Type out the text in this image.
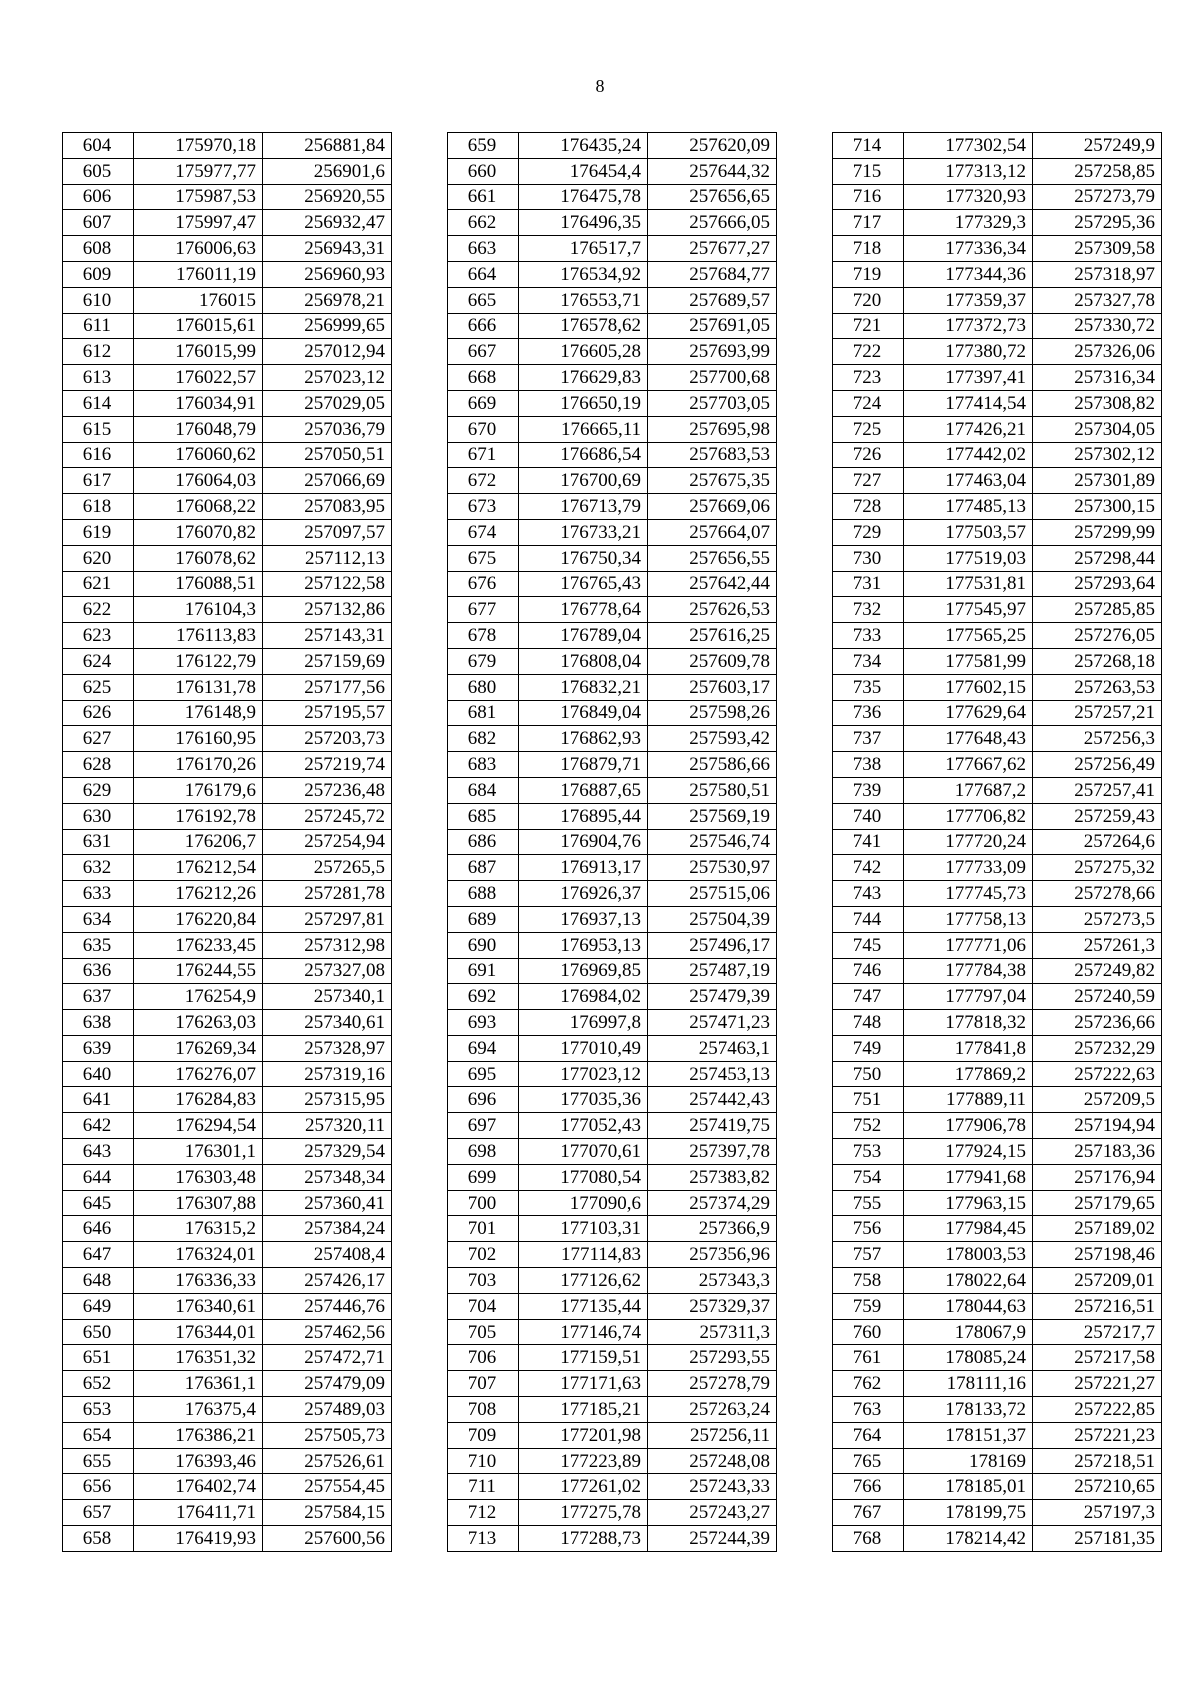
8
604	175970,18	256881,84
605	175977,77	256901,6
606	175987,53	256920,55
607	175997,47	256932,47
608	176006,63	256943,31
609	176011,19	256960,93
610	176015	256978,21
611	176015,61	256999,65
612	176015,99	257012,94
613	176022,57	257023,12
614	176034,91	257029,05
615	176048,79	257036,79
616	176060,62	257050,51
617	176064,03	257066,69
618	176068,22	257083,95
619	176070,82	257097,57
620	176078,62	257112,13
621	176088,51	257122,58
622	176104,3	257132,86
623	176113,83	257143,31
624	176122,79	257159,69
625	176131,78	257177,56
626	176148,9	257195,57
627	176160,95	257203,73
628	176170,26	257219,74
629	176179,6	257236,48
630	176192,78	257245,72
631	176206,7	257254,94
632	176212,54	257265,5
633	176212,26	257281,78
634	176220,84	257297,81
635	176233,45	257312,98
636	176244,55	257327,08
637	176254,9	257340,1
638	176263,03	257340,61
639	176269,34	257328,97
640	176276,07	257319,16
641	176284,83	257315,95
642	176294,54	257320,11
643	176301,1	257329,54
644	176303,48	257348,34
645	176307,88	257360,41
646	176315,2	257384,24
647	176324,01	257408,4
648	176336,33	257426,17
649	176340,61	257446,76
650	176344,01	257462,56
651	176351,32	257472,71
652	176361,1	257479,09
653	176375,4	257489,03
654	176386,21	257505,73
655	176393,46	257526,61
656	176402,74	257554,45
657	176411,71	257584,15
658	176419,93	257600,56
659	176435,24	257620,09
660	176454,4	257644,32
661	176475,78	257656,65
662	176496,35	257666,05
663	176517,7	257677,27
664	176534,92	257684,77
665	176553,71	257689,57
666	176578,62	257691,05
667	176605,28	257693,99
668	176629,83	257700,68
669	176650,19	257703,05
670	176665,11	257695,98
671	176686,54	257683,53
672	176700,69	257675,35
673	176713,79	257669,06
674	176733,21	257664,07
675	176750,34	257656,55
676	176765,43	257642,44
677	176778,64	257626,53
678	176789,04	257616,25
679	176808,04	257609,78
680	176832,21	257603,17
681	176849,04	257598,26
682	176862,93	257593,42
683	176879,71	257586,66
684	176887,65	257580,51
685	176895,44	257569,19
686	176904,76	257546,74
687	176913,17	257530,97
688	176926,37	257515,06
689	176937,13	257504,39
690	176953,13	257496,17
691	176969,85	257487,19
692	176984,02	257479,39
693	176997,8	257471,23
694	177010,49	257463,1
695	177023,12	257453,13
696	177035,36	257442,43
697	177052,43	257419,75
698	177070,61	257397,78
699	177080,54	257383,82
700	177090,6	257374,29
701	177103,31	257366,9
702	177114,83	257356,96
703	177126,62	257343,3
704	177135,44	257329,37
705	177146,74	257311,3
706	177159,51	257293,55
707	177171,63	257278,79
708	177185,21	257263,24
709	177201,98	257256,11
710	177223,89	257248,08
711	177261,02	257243,33
712	177275,78	257243,27
713	177288,73	257244,39
714	177302,54	257249,9
715	177313,12	257258,85
716	177320,93	257273,79
717	177329,3	257295,36
718	177336,34	257309,58
719	177344,36	257318,97
720	177359,37	257327,78
721	177372,73	257330,72
722	177380,72	257326,06
723	177397,41	257316,34
724	177414,54	257308,82
725	177426,21	257304,05
726	177442,02	257302,12
727	177463,04	257301,89
728	177485,13	257300,15
729	177503,57	257299,99
730	177519,03	257298,44
731	177531,81	257293,64
732	177545,97	257285,85
733	177565,25	257276,05
734	177581,99	257268,18
735	177602,15	257263,53
736	177629,64	257257,21
737	177648,43	257256,3
738	177667,62	257256,49
739	177687,2	257257,41
740	177706,82	257259,43
741	177720,24	257264,6
742	177733,09	257275,32
743	177745,73	257278,66
744	177758,13	257273,5
745	177771,06	257261,3
746	177784,38	257249,82
747	177797,04	257240,59
748	177818,32	257236,66
749	177841,8	257232,29
750	177869,2	257222,63
751	177889,11	257209,5
752	177906,78	257194,94
753	177924,15	257183,36
754	177941,68	257176,94
755	177963,15	257179,65
756	177984,45	257189,02
757	178003,53	257198,46
758	178022,64	257209,01
759	178044,63	257216,51
760	178067,9	257217,7
761	178085,24	257217,58
762	178111,16	257221,27
763	178133,72	257222,85
764	178151,37	257221,23
765	178169	257218,51
766	178185,01	257210,65
767	178199,75	257197,3
768	178214,42	257181,35
